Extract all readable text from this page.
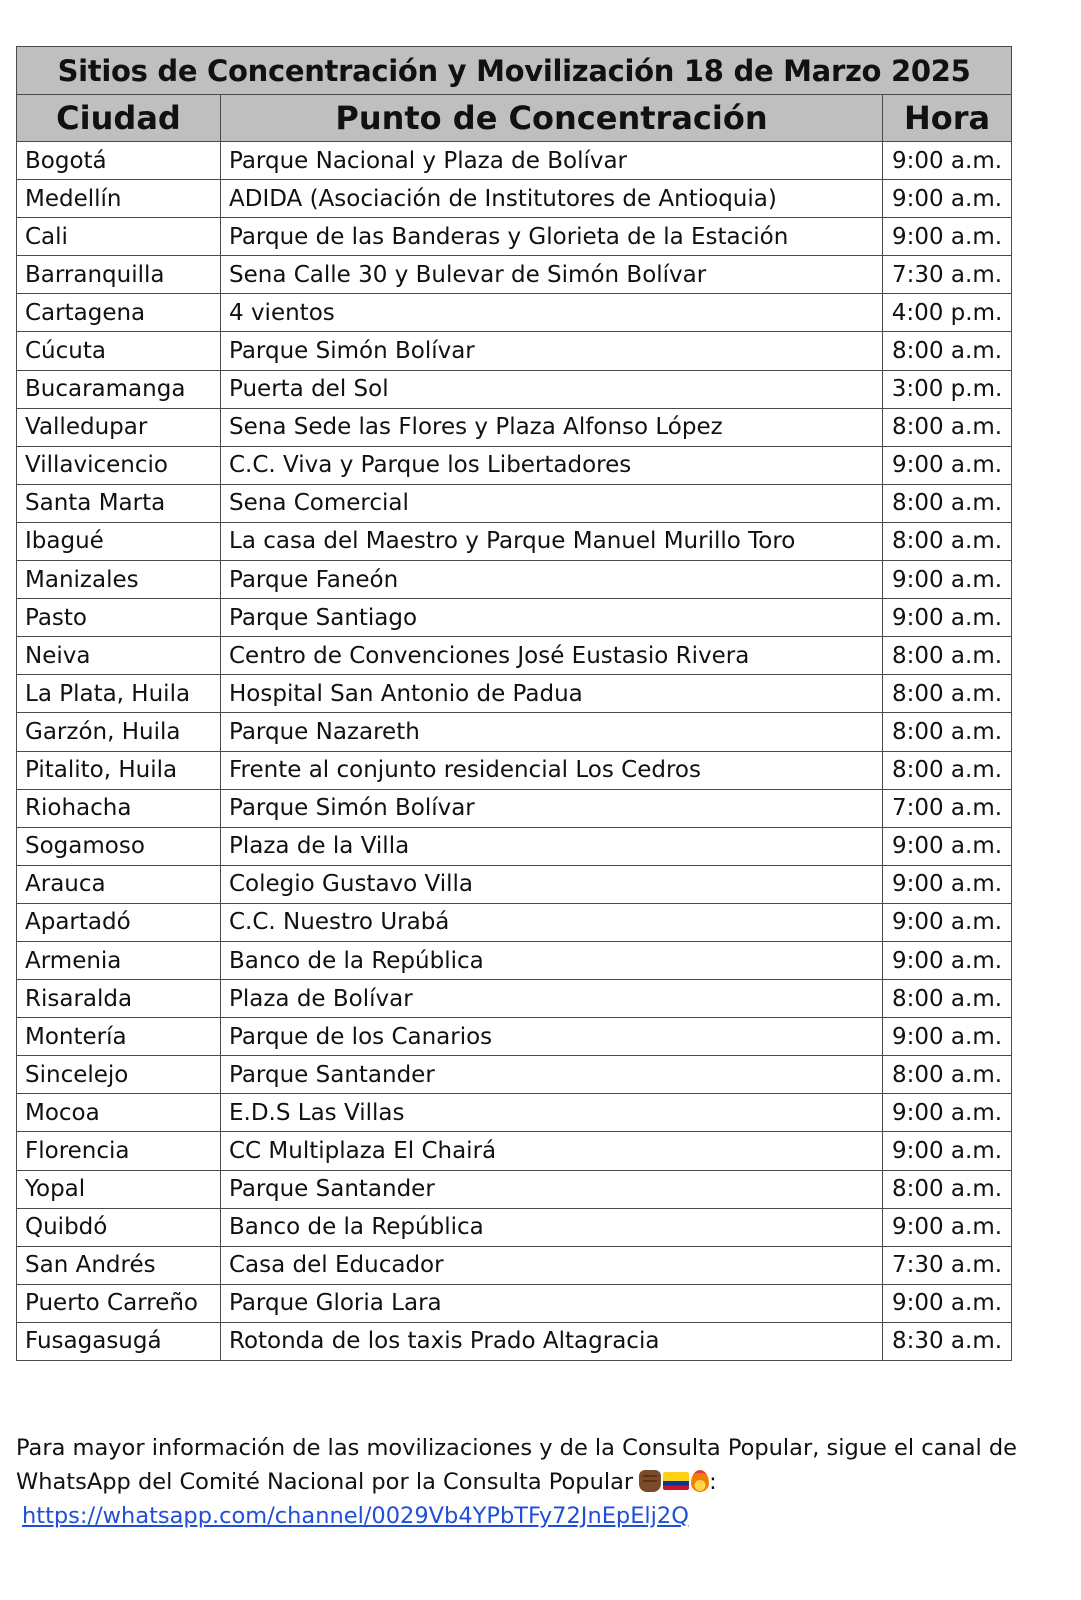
Sitios de Concentración y Movilización 18 de Marzo 2025		
Ciudad	Punto de Concentración	Hora
Bogotá	Parque Nacional y Plaza de Bolívar	9:00 a.m.
Medellín	ADIDA (Asociación de Institutores de Antioquia)	9:00 a.m.
Cali	Parque de las Banderas y Glorieta de la Estación	9:00 a.m.
Barranquilla	Sena Calle 30 y Bulevar de Simón Bolívar	7:30 a.m.
Cartagena	4 vientos	4:00 p.m.
Cúcuta	Parque Simón Bolívar	8:00 a.m.
Bucaramanga	Puerta del Sol	3:00 p.m.
Valledupar	Sena Sede las Flores y Plaza Alfonso López	8:00 a.m.
Villavicencio	C.C. Viva y Parque los Libertadores	9:00 a.m.
Santa Marta	Sena Comercial	8:00 a.m.
Ibagué	La casa del Maestro y Parque Manuel Murillo Toro	8:00 a.m.
Manizales	Parque Faneón	9:00 a.m.
Pasto	Parque Santiago	9:00 a.m.
Neiva	Centro de Convenciones José Eustasio Rivera	8:00 a.m.
La Plata, Huila	Hospital San Antonio de Padua	8:00 a.m.
Garzón, Huila	Parque Nazareth	8:00 a.m.
Pitalito, Huila	Frente al conjunto residencial Los Cedros	8:00 a.m.
Riohacha	Parque Simón Bolívar	7:00 a.m.
Sogamoso	Plaza de la Villa	9:00 a.m.
Arauca	Colegio Gustavo Villa	9:00 a.m.
Apartadó	C.C. Nuestro Urabá	9:00 a.m.
Armenia	Banco de la República	9:00 a.m.
Risaralda	Plaza de Bolívar	8:00 a.m.
Montería	Parque de los Canarios	9:00 a.m.
Sincelejo	Parque Santander	8:00 a.m.
Mocoa	E.D.S Las Villas	9:00 a.m.
Florencia	CC Multiplaza El Chairá	9:00 a.m.
Yopal	Parque Santander	8:00 a.m.
Quibdó	Banco de la República	9:00 a.m.
San Andrés	Casa del Educador	7:30 a.m.
Puerto Carreño	Parque Gloria Lara	9:00 a.m.
Fusagasugá	Rotonda de los taxis Prado Altagracia	8:30 a.m.
Para mayor información de las movilizaciones y de la Consulta Popular, sigue el canal de
WhatsApp del Comité Nacional por la Consulta Popular	:
https://whatsapp.com/channel/0029Vb4YPbTFy72JnEpElj2Q
